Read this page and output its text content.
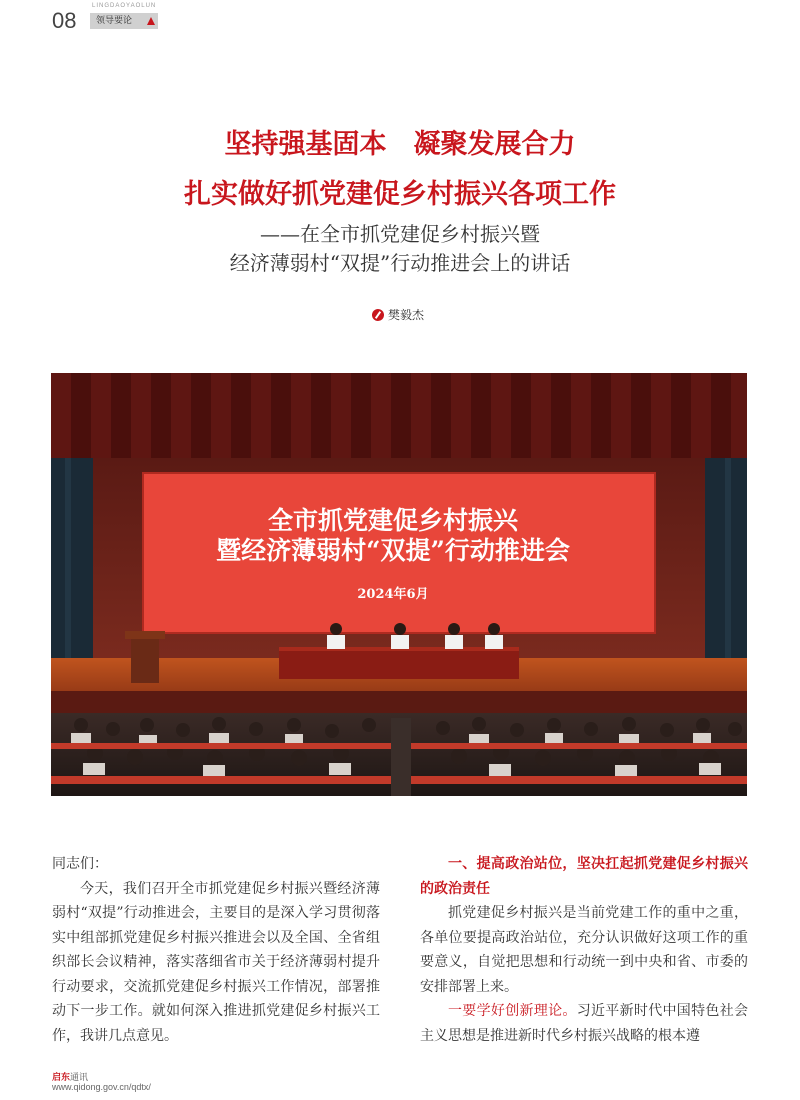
08
LINGDAOYAOLUN
领导要论
坚持强基固本　凝聚发展合力
扎实做好抓党建促乡村振兴各项工作
——在全市抓党建促乡村振兴暨
经济薄弱村“双提”行动推进会上的讲话
樊毅杰
全市抓党建促乡村振兴
暨经济薄弱村“双提”行动推进会
2024年6月

同志们：

今天，我们召开全市抓党建促乡村振兴暨经济薄弱村“双提”行动推进会，主要目的是深入学习贯彻落实中组部抓党建促乡村振兴推进会以及全国、全省组织部长会议精神，落实落细省市关于经济薄弱村提升行动要求，交流抓党建促乡村振兴工作情况，部署推动下一步工作。就如何深入推进抓党建促乡村振兴工作，我讲几点意见。

一、提高政治站位，坚决扛起抓党建促乡村振兴的政治责任

抓党建促乡村振兴是当前党建工作的重中之重，各单位要提高政治站位，充分认识做好这项工作的重要意义，自觉把思想和行动统一到中央和省、市委的安排部署上来。

一要学好创新理论。习近平新时代中国特色社会主义思想是推进新时代乡村振兴战略的根本遵

启东通讯
www.qidong.gov.cn/qdtx/
